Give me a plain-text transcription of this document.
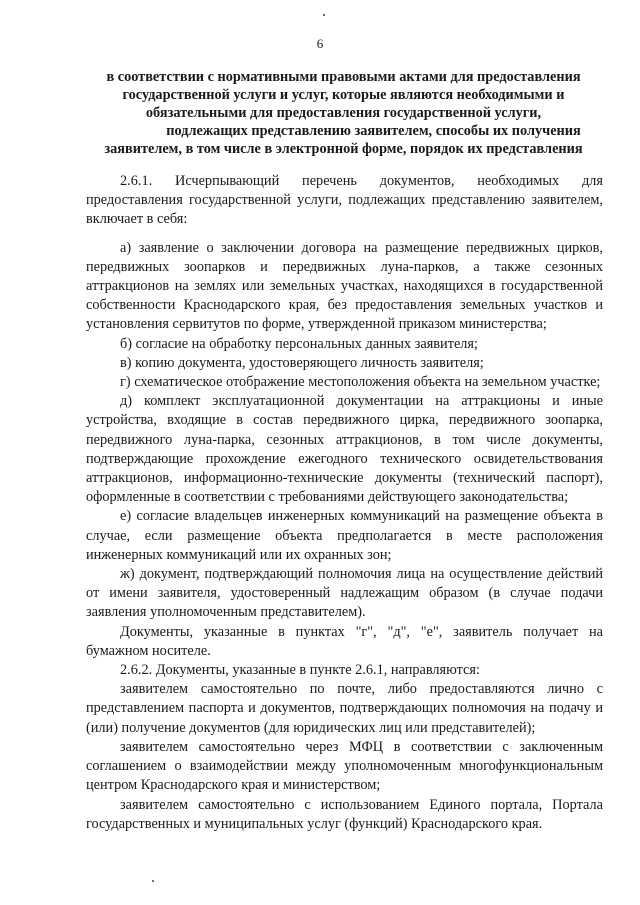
6
в соответствии с нормативными правовыми актами для предоставления
государственной услуги и услуг, которые являются необходимыми и
обязательными для предоставления государственной услуги,
подлежащих представлению заявителем, способы их получения
заявителем, в том числе в электронной форме, порядок их представления

2.6.1. Исчерпывающий перечень документов, необходимых для предоставления государственной услуги, подлежащих представлению заявителем, включает в себя:

а) заявление о заключении договора на размещение передвижных цирков, передвижных зоопарков и передвижных луна-парков, а также сезонных аттракционов на землях или земельных участках, находящихся в государственной собственности Краснодарского края, без предоставления земельных участков и установления сервитутов по форме, утвержденной приказом министерства;

б) согласие на обработку персональных данных заявителя;

в) копию документа, удостоверяющего личность заявителя;

г) схематическое отображение местоположения объекта на земельном участке;

д) комплект эксплуатационной документации на аттракционы и иные устройства, входящие в состав передвижного цирка, передвижного зоопарка, передвижного луна-парка, сезонных аттракционов, в том числе документы, подтверждающие прохождение ежегодного технического освидетельствования аттракционов, информационно-технические документы (технический паспорт), оформленные в соответствии с требованиями действующего законодательства;

е) согласие владельцев инженерных коммуникаций на размещение объекта в случае, если размещение объекта предполагается в месте расположения инженерных коммуникаций или их охранных зон;

ж) документ, подтверждающий полномочия лица на осуществление действий от имени заявителя, удостоверенный надлежащим образом (в случае подачи заявления уполномоченным представителем).

Документы, указанные в пунктах "г", "д", "е", заявитель получает на бумажном носителе.

2.6.2. Документы, указанные в пункте 2.6.1, направляются:

заявителем самостоятельно по почте, либо предоставляются лично с представлением паспорта и документов, подтверждающих полномочия на подачу и (или) получение документов (для юридических лиц или представителей);

заявителем самостоятельно через МФЦ в соответствии с заключенным соглашением о взаимодействии между уполномоченным многофункциональным центром Краснодарского края и министерством;

заявителем самостоятельно с использованием Единого портала, Портала государственных и муниципальных услуг (функций) Краснодарского края.
